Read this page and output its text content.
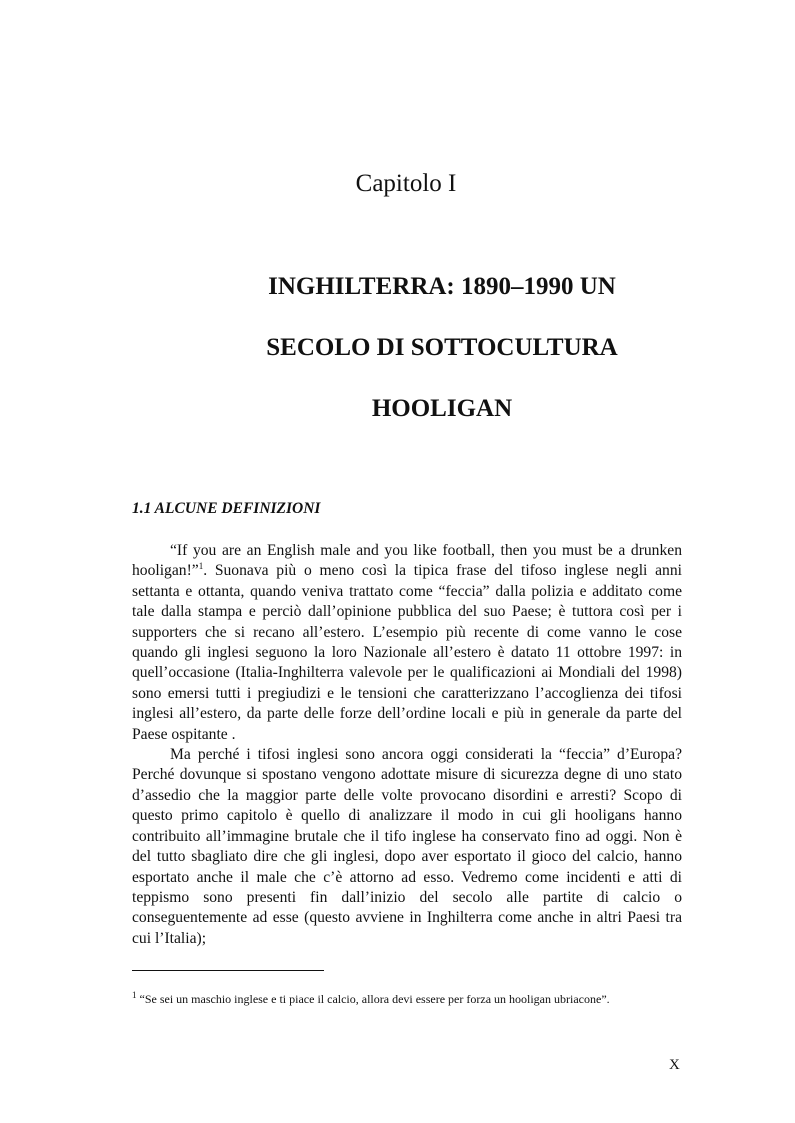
Capitolo I
INGHILTERRA: 1890–1990 UN
SECOLO DI SOTTOCULTURA
HOOLIGAN
1.1 ALCUNE DEFINIZIONI

“If you are an English male and you like football, then you must be a drunken hooligan!”$^1$. Suonava più o meno così la tipica frase del tifoso inglese negli anni settanta e ottanta, quando veniva trattato come “feccia” dalla polizia e additato come tale dalla stampa e perciò dall’opinione pubblica del suo Paese; è tuttora così per i supporters che si recano all’estero. L’esempio più recente di come vanno le cose quando gli inglesi seguono la loro Nazionale all’estero è datato 11 ottobre 1997: in quell’occasione (Italia-Inghilterra valevole per le qualificazioni ai Mondiali del 1998) sono emersi tutti i pregiudizi e le tensioni che caratterizzano l’accoglienza dei tifosi inglesi all’estero, da parte delle forze dell’ordine locali e più in generale da parte del Paese ospitante .

Ma perché i tifosi inglesi sono ancora oggi considerati la “feccia” d’Europa? Perché dovunque si spostano vengono adottate misure di sicurezza degne di uno stato d’assedio che la maggior parte delle volte provocano disordini e arresti? Scopo di questo primo capitolo è quello di analizzare il modo in cui gli hooligans hanno contribuito all’immagine brutale che il tifo inglese ha conservato fino ad oggi. Non è del tutto sbagliato dire che gli inglesi, dopo aver esportato il gioco del calcio, hanno esportato anche il male che c’è attorno ad esso. Vedremo come incidenti e atti di teppismo sono presenti fin dall’inizio del secolo alle partite di calcio o conseguentemente ad esse (questo avviene in Inghilterra come anche in altri Paesi tra cui l’Italia);

$^1$ “Se sei un maschio inglese e ti piace il calcio, allora devi essere per forza un hooligan ubriacone”.
X
